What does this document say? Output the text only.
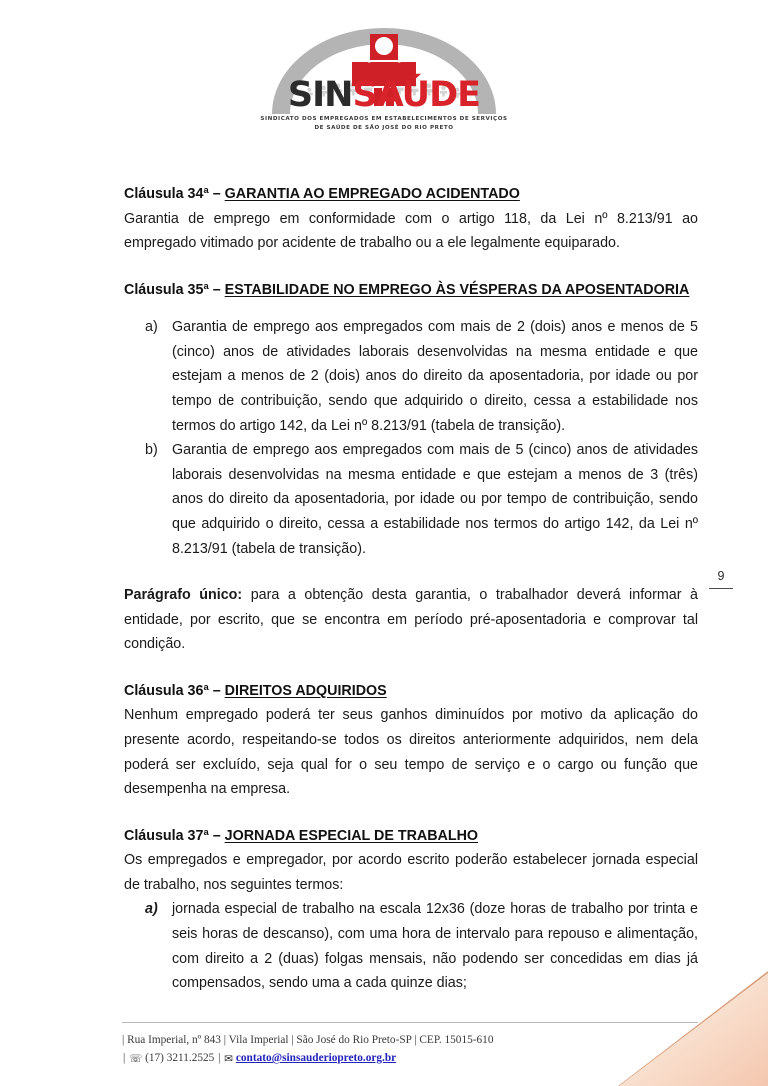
SINSAÚDE
SINDICATO DOS EMPREGADOS EM ESTABELECIMENTOS DE SERVIÇOS
DE SAÚDE DE SÃO JOSÉ DO RIO PRETO
9

Cláusula 34ª – GARANTIA AO EMPREGADO ACIDENTADO

Garantia de emprego em conformidade com o artigo 118, da Lei nº 8.213/91 ao empregado vitimado por acidente de trabalho ou a ele legalmente equiparado.

Cláusula 35ª – ESTABILIDADE NO EMPREGO ÀS VÉSPERAS DA APOSENTADORIA

a) Garantia de emprego aos empregados com mais de 2 (dois) anos e menos de 5 (cinco) anos de atividades laborais desenvolvidas na mesma entidade e que estejam a menos de 2 (dois) anos do direito da aposentadoria, por idade ou por tempo de contribuição, sendo que adquirido o direito, cessa a estabilidade nos termos do artigo 142, da Lei nº 8.213/91 (tabela de transição).
b) Garantia de emprego aos empregados com mais de 5 (cinco) anos de atividades laborais desenvolvidas na mesma entidade e que estejam a menos de 3 (três) anos do direito da aposentadoria, por idade ou por tempo de contribuição, sendo que adquirido o direito, cessa a estabilidade nos termos do artigo 142, da Lei nº 8.213/91 (tabela de transição).

Parágrafo único: para a obtenção desta garantia, o trabalhador deverá informar à entidade, por escrito, que se encontra em período pré-aposentadoria e comprovar tal condição.

Cláusula 36ª – DIREITOS ADQUIRIDOS

Nenhum empregado poderá ter seus ganhos diminuídos por motivo da aplicação do presente acordo, respeitando-se todos os direitos anteriormente adquiridos, nem dela poderá ser excluído, seja qual for o seu tempo de serviço e o cargo ou função que desempenha na empresa.

Cláusula 37ª – JORNADA ESPECIAL DE TRABALHO

Os empregados e empregador, por acordo escrito poderão estabelecer jornada especial de trabalho, nos seguintes termos:

a) jornada especial de trabalho na escala 12x36 (doze horas de trabalho por trinta e seis horas de descanso), com uma hora de intervalo para repouso e alimentação, com direito a 2 (duas) folgas mensais, não podendo ser concedidas em dias já compensados, sendo uma a cada quinze dias;
| Rua Imperial, nº 843 | Vila Imperial | São José do Rio Preto-SP | CEP. 15015-610
| ☏ (17) 3211.2525 | ✉ contato@sinsauderiopreto.org.br
